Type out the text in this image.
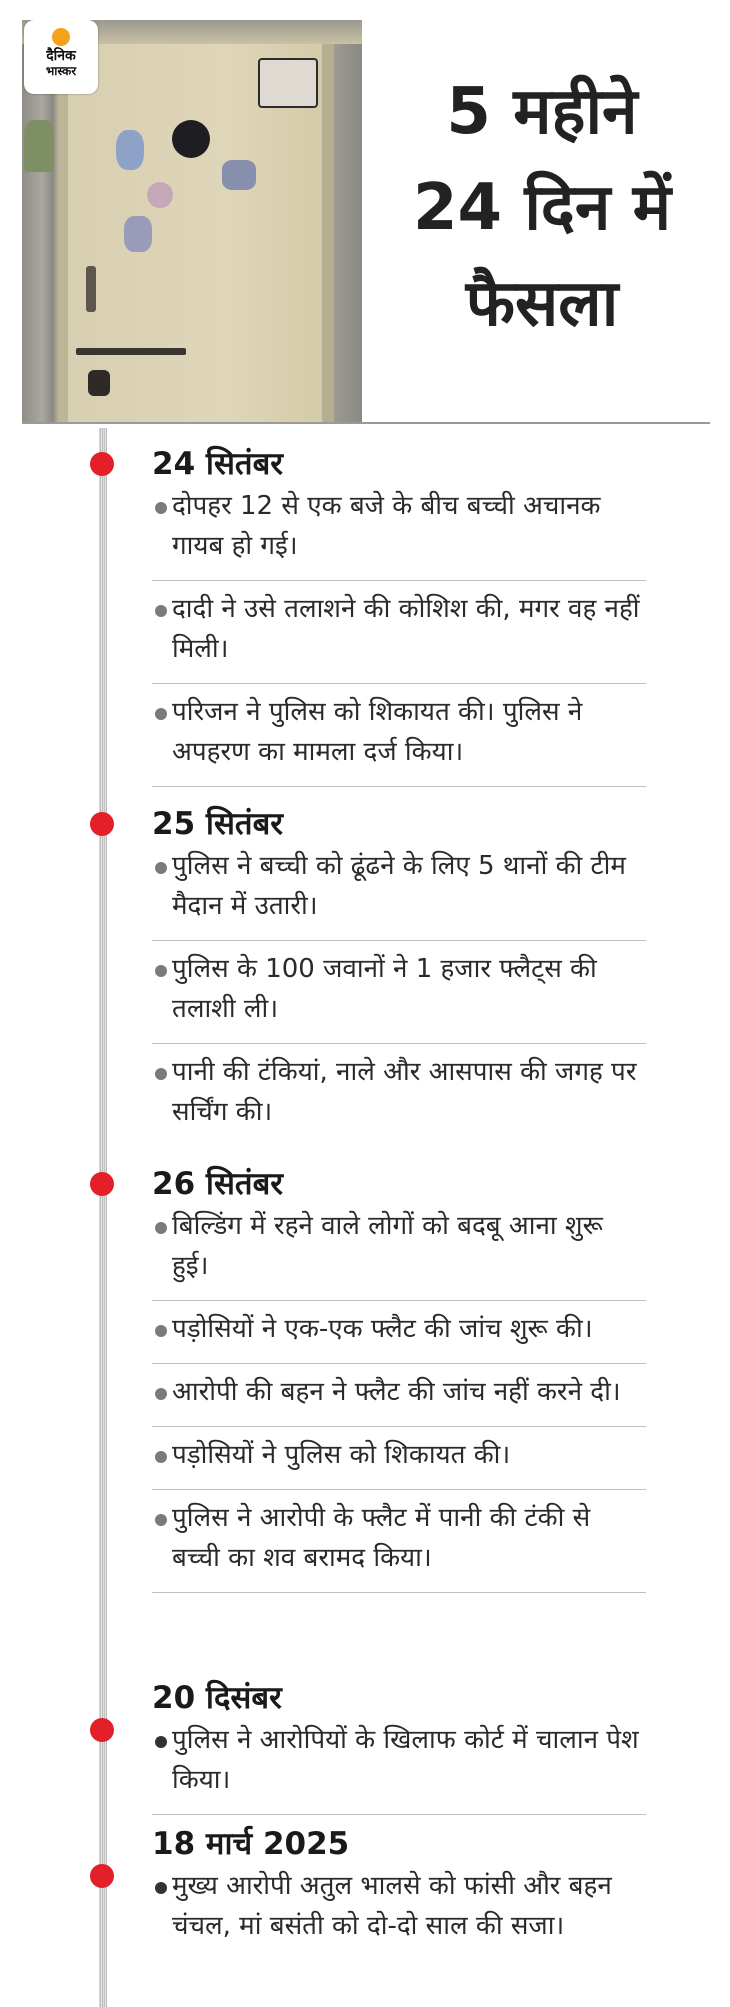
दैनिक
भास्कर
5 महीने
24 दिन में
फैसला
24 सितंबर
दोपहर 12 से एक बजे के बीच बच्ची अचानक गायब हो गई।
दादी ने उसे तलाशने की कोशिश की, मगर वह नहीं मिली।
परिजन ने पुलिस को शिकायत की। पुलिस ने अपहरण का मामला दर्ज किया।
25 सितंबर
पुलिस ने बच्ची को ढूंढने के लिए 5 थानों की टीम मैदान में उतारी।
पुलिस के 100 जवानों ने 1 हजार फ्लैट्स की तलाशी ली।
पानी की टंकियां, नाले और आसपास की जगह पर सर्चिंग की।
26 सितंबर
बिल्डिंग में रहने वाले लोगों को बदबू आना शुरू हुई।
पड़ोसियों ने एक-एक फ्लैट की जांच शुरू की।
आरोपी की बहन ने फ्लैट की जांच नहीं करने दी।
पड़ोसियों ने पुलिस को शिकायत की।
पुलिस ने आरोपी के फ्लैट में पानी की टंकी से बच्ची का शव बरामद किया।
20 दिसंबर
पुलिस ने आरोपियों के खिलाफ कोर्ट में चालान पेश किया।
18 मार्च 2025
मुख्य आरोपी अतुल भालसे को फांसी और बहन चंचल, मां बसंती को दो-दो साल की सजा।
